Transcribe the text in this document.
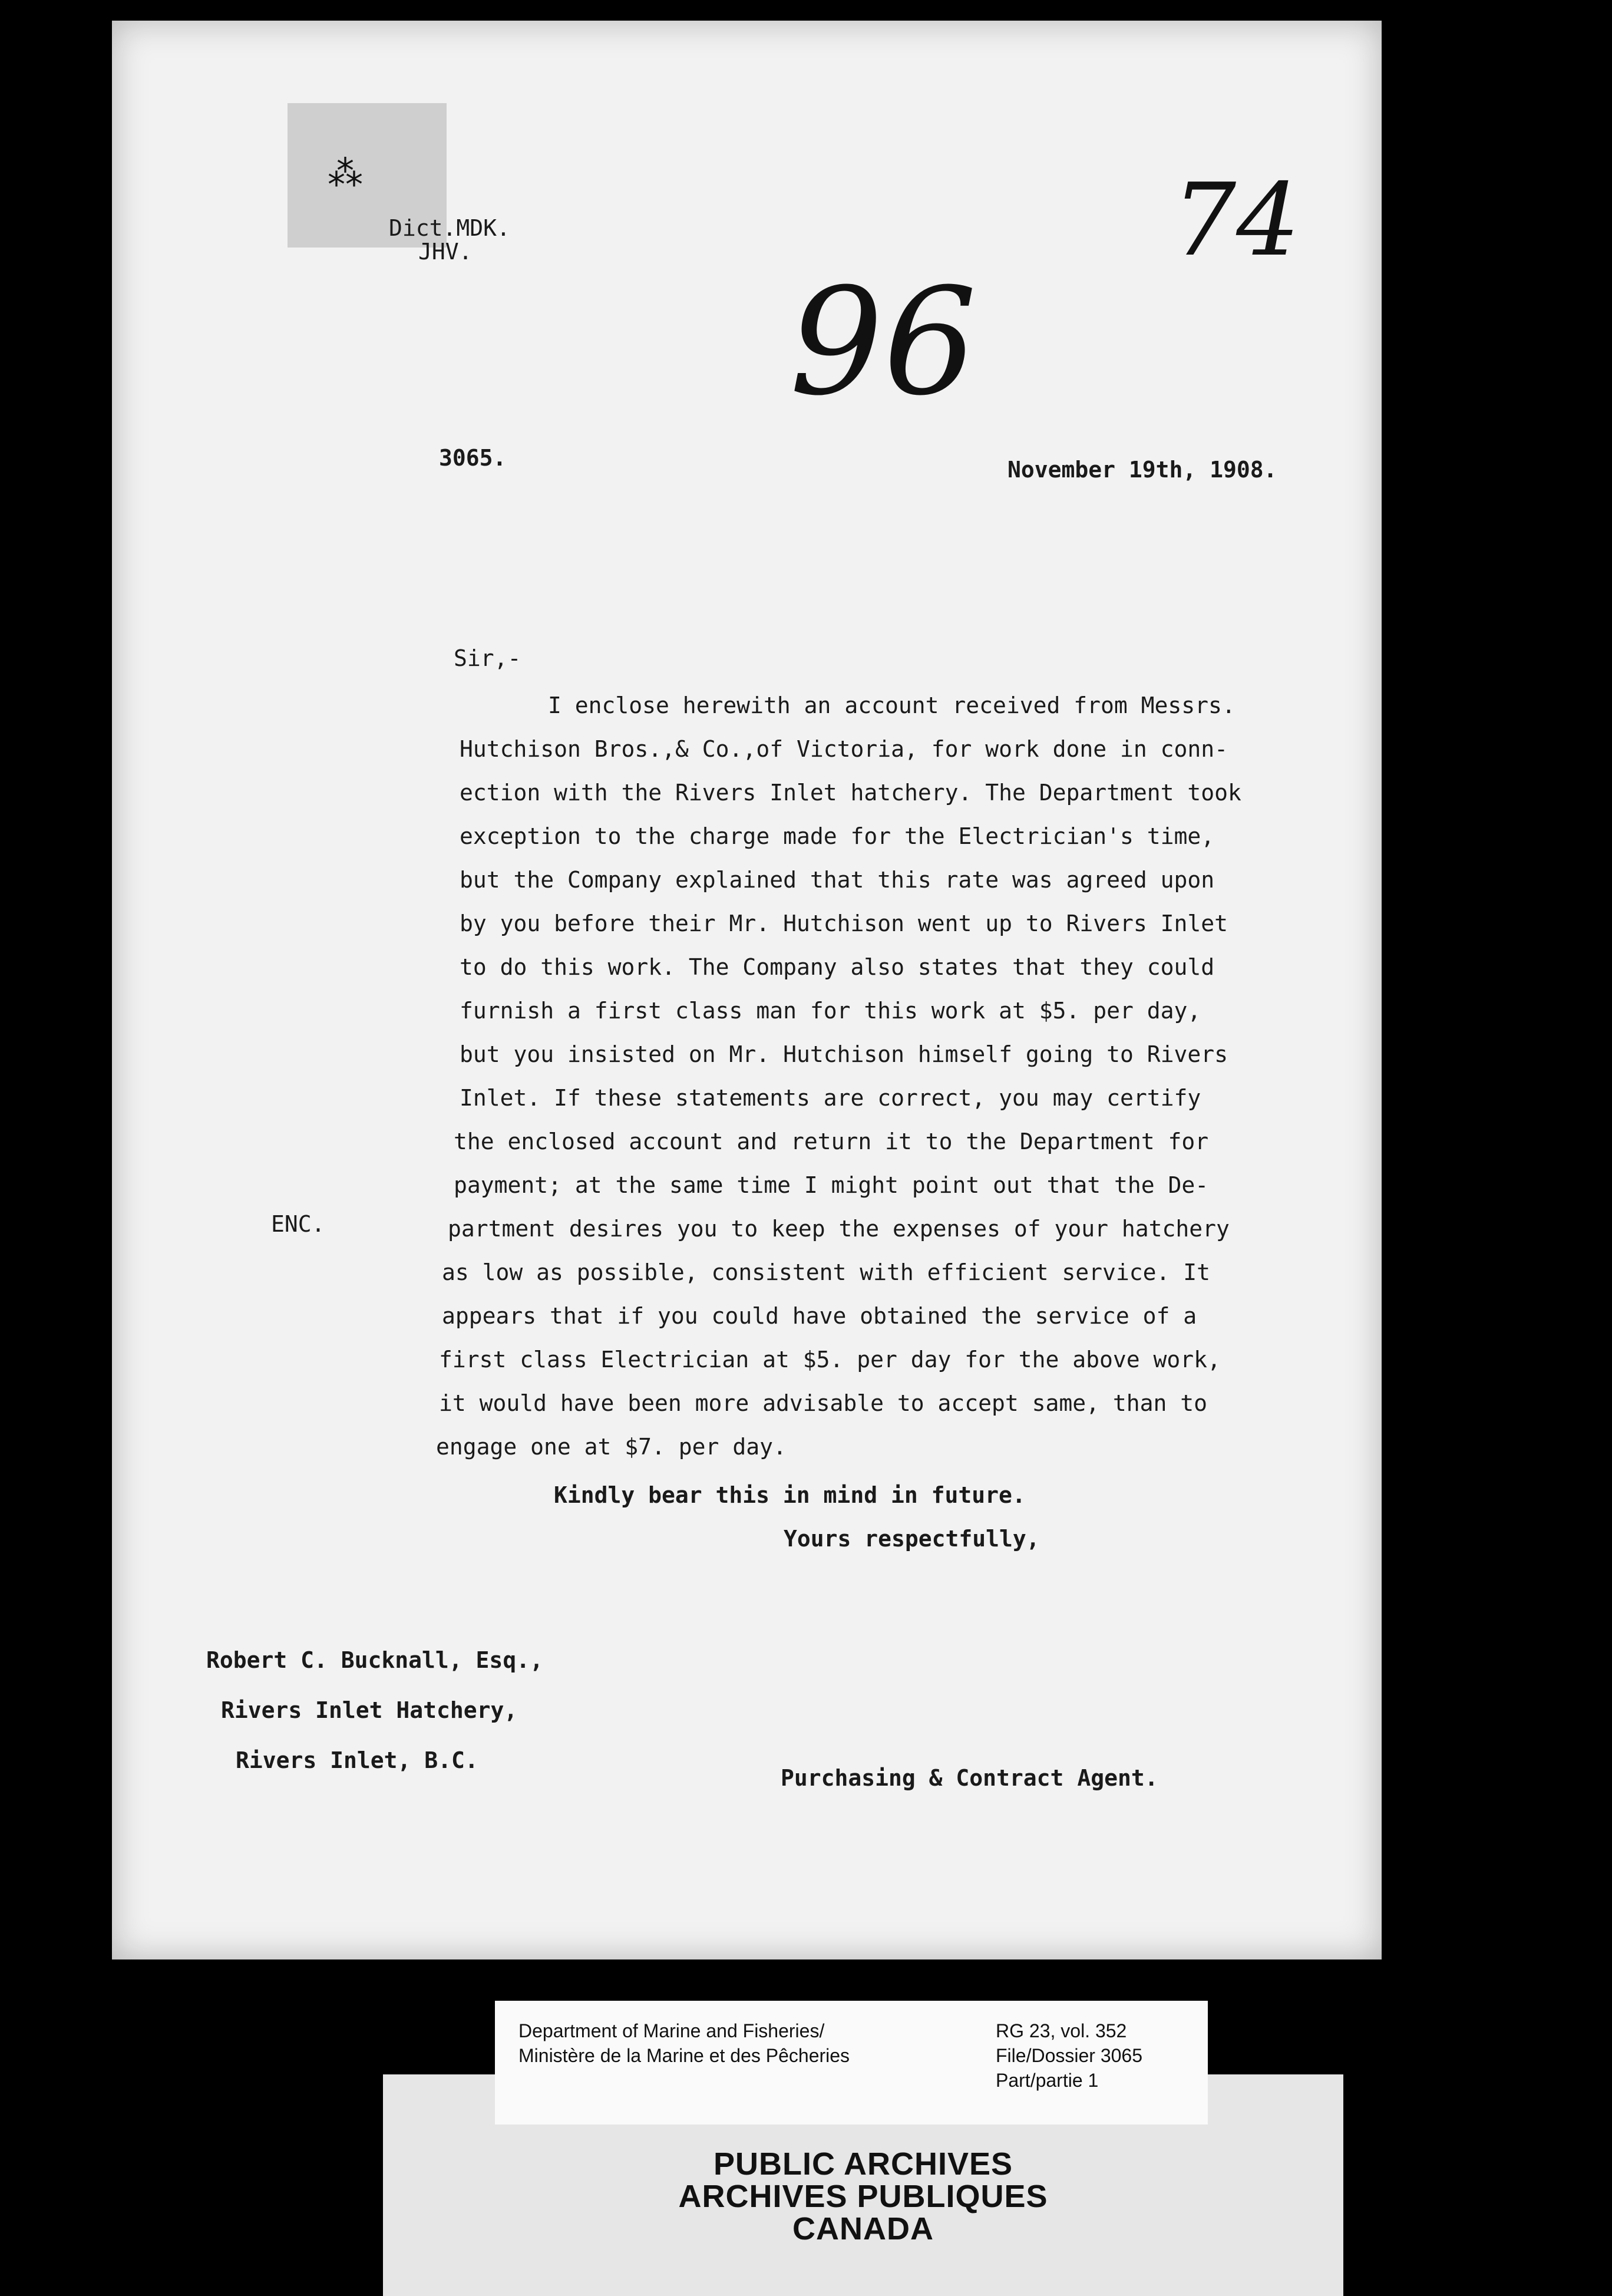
⁂
Dict.MDK.
JHV.	74
96
3065.	November 19th, 1908.
Sir,-
I enclose herewith an account received from Messrs.
Hutchison Bros.,& Co.,of Victoria, for work done in conn-
ection with the Rivers Inlet hatchery. The Department took
exception to the charge made for the Electrician's time,
but the Company explained that this rate was agreed upon
by you before their Mr. Hutchison went up to Rivers Inlet
to do this work. The Company also states that they could
furnish a first class man for this work at $5. per day,
but you insisted on Mr. Hutchison himself going to Rivers
Inlet. If these statements are correct, you may certify
the enclosed account and return it to the Department for
payment; at the same time I might point out that the De-
partment desires you to keep the expenses of your hatchery
as low as possible, consistent with efficient service. It
appears that if you could have obtained the service of a
first class Electrician at $5. per day for the above work,
it would have been more advisable to accept same, than to
engage one at $7. per day.
ENC.
Kindly bear this in mind in future.
Yours respectfully,
Robert C. Bucknall, Esq.,
Rivers Inlet Hatchery,
Rivers Inlet, B.C.
Purchasing & Contract Agent.
PUBLIC ARCHIVES
ARCHIVES PUBLIQUES
CANADA
Department of Marine and Fisheries/
Ministère de la Marine et des Pêcheries
RG 23, vol. 352
File/Dossier 3065
Part/partie 1
